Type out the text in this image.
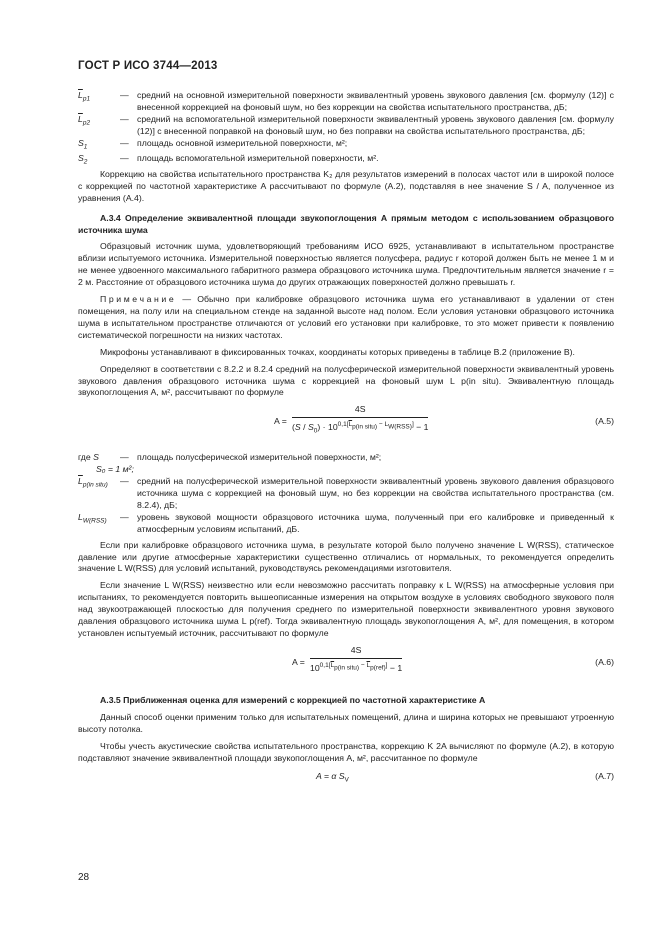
ГОСТ Р ИСО 3744—2013
$\overline{L}_{p1}$	— средний на основной измерительной поверхности эквивалентный уровень звукового давления [см. формулу (12)] с внесенной коррекцией на фоновый шум, но без коррекции на свойства испытательного пространства, дБ;
$\overline{L}_{p2}$	— средний на вспомогательной измерительной поверхности эквивалентный уровень звукового давления [см. формулу (12)] с внесенной поправкой на фоновый шум, но без поправки на свойства испытательного пространства, дБ;
$S_1$	— площадь основной измерительной поверхности, м²;
$S_2$	— площадь вспомогательной измерительной поверхности, м².

Коррекцию на свойства испытательного пространства K₂ для результатов измерений в полосах частот или в широкой полосе с коррекцией по частотной характеристике A рассчитывают по формуле (А.2), подставляя в нее значение S / A, полученное из уравнения (А.4).

А.3.4 Определение эквивалентной площади звукопоглощения A прямым методом с использованием образцового источника шума

Образцовый источник шума, удовлетворяющий требованиям ИСО 6925, устанавливают в испытательном пространстве вблизи испытуемого источника. Измерительной поверхностью является полусфера, радиус r которой должен быть не менее 1 м и не менее удвоенного максимального габаритного размера образцового источника шума. Предпочтительным является значение r = 2 м. Расстояние от образцового источника шума до других отражающих поверхностей должно превышать r.

Примечание — Обычно при калибровке образцового источника шума его устанавливают в удалении от стен помещения, на полу или на специальном стенде на заданной высоте над полом. Если условия установки образцового источника шума в испытательном пространстве отличаются от условий его установки при калибровке, то это может привести к появлению систематической погрешности на низких частотах.

Микрофоны устанавливают в фиксированных точках, координаты которых приведены в таблице В.2 (приложение В).

Определяют в соответствии с 8.2.2 и 8.2.4 средний на полусферической измерительной поверхности эквивалентный уровень звукового давления образцового источника шума с коррекцией на фоновый шум L p(in situ). Эквивалентную площадь звукопоглощения A, м², рассчитывают по формуле

A =
4S
$(S / S_0) \cdot 10^{0,1[\overline{L}_{p(in situ)} - L_{W(RSS)}]} - 1$
(А.5)
где S	— площадь полусферической измерительной поверхности, м²;
S₀ = 1 м²;
$\overline{L}_{p(in situ)}$	— средний на полусферической измерительной поверхности эквивалентный уровень звукового давления образцового источника шума с коррекцией на фоновый шум, но без коррекции на свойства испытательного пространства (см. 8.2.4), дБ;
$L_{W(RSS)}$	— уровень звуковой мощности образцового источника шума, полученный при его калибровке и приведенный к атмосферным условиям испытаний, дБ.

Если при калибровке образцового источника шума, в результате которой было получено значение L W(RSS), статическое давление или другие атмосферные характеристики существенно отличались от нормальных, то рекомендуется определить значение L W(RSS) для условий испытаний, руководствуясь рекомендациями изготовителя.

Если значение L W(RSS) неизвестно или если невозможно рассчитать поправку к L W(RSS) на атмосферные условия при испытаниях, то рекомендуется повторить вышеописанные измерения на открытом воздухе в условиях свободного звукового поля над звукоотражающей плоскостью для получения среднего по измерительной поверхности эквивалентного уровня звукового давления образцового источника шума L p(ref). Тогда эквивалентную площадь звукопоглощения A, м², для помещения, в котором установлен испытуемый источник, рассчитывают по формуле

A =
4S
$10^{0,1[\overline{L}_{p(in situ)} - \overline{L}_{p(ref)}]} - 1$
(А.6)
А.3.5 Приближенная оценка для измерений с коррекцией по частотной характеристике A

Данный способ оценки применим только для испытательных помещений, длина и ширина которых не превышают утроенную высоту потолка.

Чтобы учесть акустические свойства испытательного пространства, коррекцию K 2A вычисляют по формуле (А.2), в которую подставляют значение эквивалентной площади звукопоглощения A, м², рассчитанное по формуле

A = α $S_V$	(А.7)
28
